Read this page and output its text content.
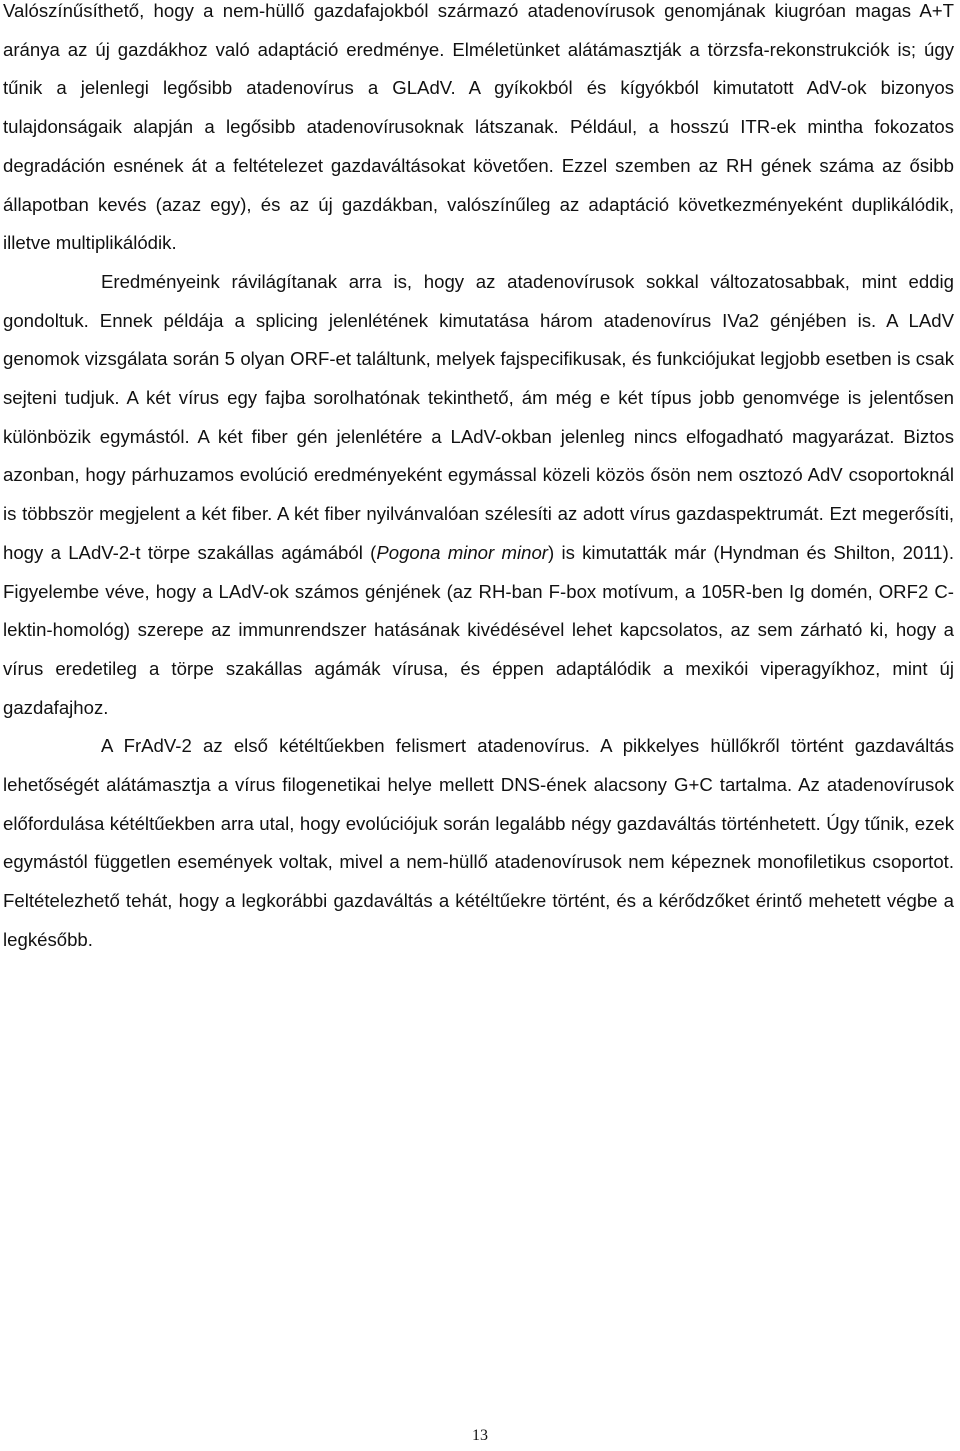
Valószínűsíthető, hogy a nem-hüllő gazdafajokból származó atadenovírusok genomjának kiugróan magas A+T aránya az új gazdákhoz való adaptáció eredménye. Elméletünket alátámasztják a törzsfa-rekonstrukciók is; úgy tűnik a jelenlegi legősibb atadenovírus a GLAdV. A gyíkokból és kígyókból kimutatott AdV-ok bizonyos tulajdonságaik alapján a legősibb atadenovírusoknak látszanak. Például, a hosszú ITR-ek mintha fokozatos degradáción esnének át a feltételezet gazdaváltásokat követően. Ezzel szemben az RH gének száma az ősibb állapotban kevés (azaz egy), és az új gazdákban, valószínűleg az adaptáció következményeként duplikálódik, illetve multiplikálódik.

Eredményeink rávilágítanak arra is, hogy az atadenovírusok sokkal változatosabbak, mint eddig gondoltuk. Ennek példája a splicing jelenlétének kimutatása három atadenovírus IVa2 génjében is. A LAdV genomok vizsgálata során 5 olyan ORF-et találtunk, melyek fajspecifikusak, és funkciójukat legjobb esetben is csak sejteni tudjuk. A két vírus egy fajba sorolhatónak tekinthető, ám még e két típus jobb genomvége is jelentősen különbözik egymástól. A két fiber gén jelenlétére a LAdV-okban jelenleg nincs elfogadható magyarázat. Biztos azonban, hogy párhuzamos evolúció eredményeként egymással közeli közös ősön nem osztozó AdV csoportoknál is többször megjelent a két fiber. A két fiber nyilvánvalóan szélesíti az adott vírus gazdaspektrumát. Ezt megerősíti, hogy a LAdV-2-t törpe szakállas agámából (Pogona minor minor) is kimutatták már (Hyndman és Shilton, 2011). Figyelembe véve, hogy a LAdV-ok számos génjének (az RH-ban F-box motívum, a 105R-ben Ig domén, ORF2 C-lektin-homológ) szerepe az immunrendszer hatásának kivédésével lehet kapcsolatos, az sem zárható ki, hogy a vírus eredetileg a törpe szakállas agámák vírusa, és éppen adaptálódik a mexikói viperagyíkhoz, mint új gazdafajhoz.

A FrAdV-2 az első kétéltűekben felismert atadenovírus. A pikkelyes hüllőkről történt gazdaváltás lehetőségét alátámasztja a vírus filogenetikai helye mellett DNS-ének alacsony G+C tartalma. Az atadenovírusok előfordulása kétéltűekben arra utal, hogy evolúciójuk során legalább négy gazdaváltás történhetett. Úgy tűnik, ezek egymástól független események voltak, mivel a nem-hüllő atadenovírusok nem képeznek monofiletikus csoportot. Feltételezhető tehát, hogy a legkorábbi gazdaváltás a kétéltűekre történt, és a kérődzőket érintő mehetett végbe a legkésőbb.

13
